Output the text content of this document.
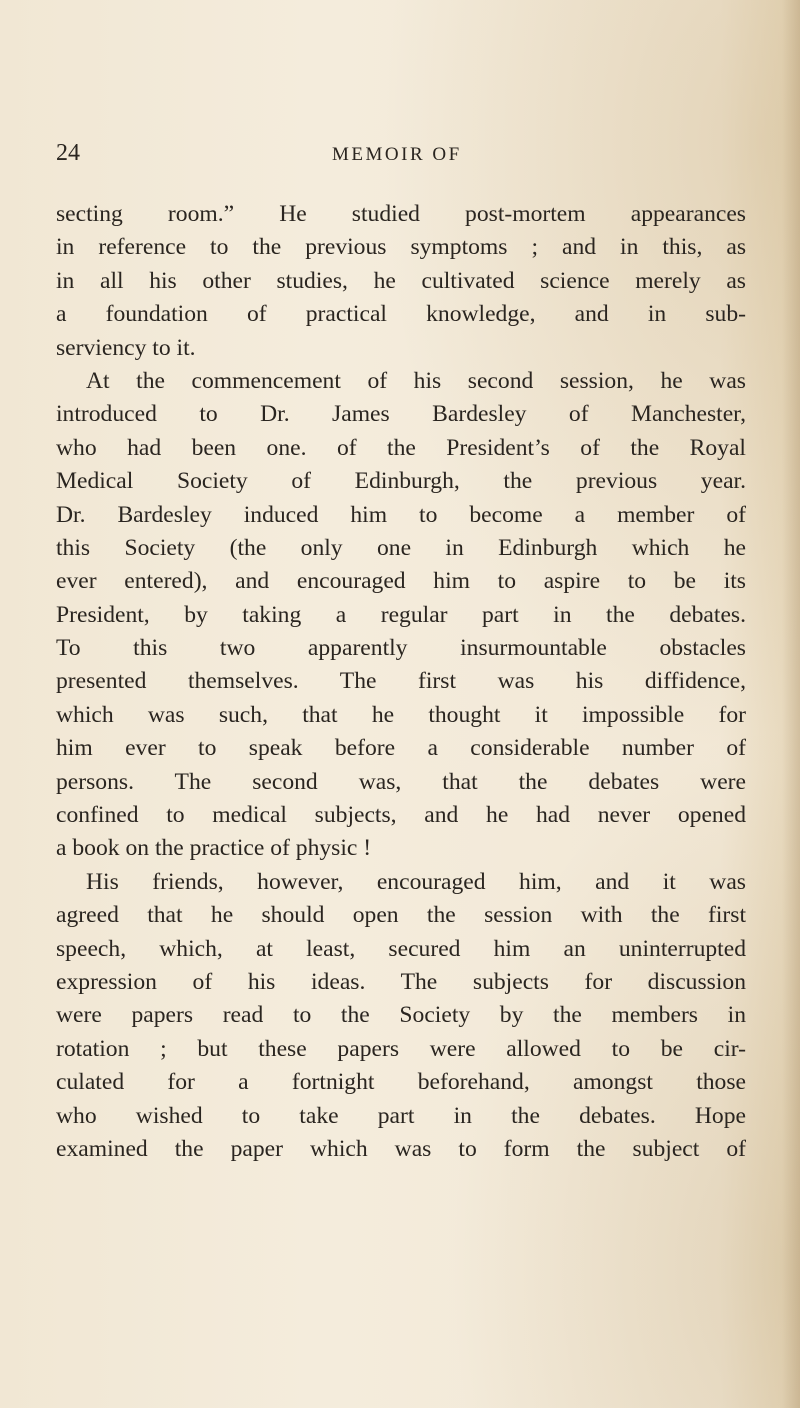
24	MEMOIR OF
secting room.” He studied post-mortem appearances
in reference to the previous symptoms ; and in this, as
in all his other studies, he cultivated science merely as
a foundation of practical knowledge, and in sub-
serviency to it.
At the commencement of his second session, he was
introduced to Dr. James Bardesley of Manchester,
who had been one. of the President’s of the Royal
Medical Society of Edinburgh, the previous year.
Dr. Bardesley induced him to become a member of
this Society (the only one in Edinburgh which he
ever entered), and encouraged him to aspire to be its
President, by taking a regular part in the debates.
To this two apparently insurmountable obstacles
presented themselves. The first was his diffidence,
which was such, that he thought it impossible for
him ever to speak before a considerable number of
persons. The second was, that the debates were
confined to medical subjects, and he had never opened
a book on the practice of physic !
His friends, however, encouraged him, and it was
agreed that he should open the session with the first
speech, which, at least, secured him an uninterrupted
expression of his ideas. The subjects for discussion
were papers read to the Society by the members in
rotation ; but these papers were allowed to be cir-
culated for a fortnight beforehand, amongst those
who wished to take part in the debates. Hope
examined the paper which was to form the subject of
